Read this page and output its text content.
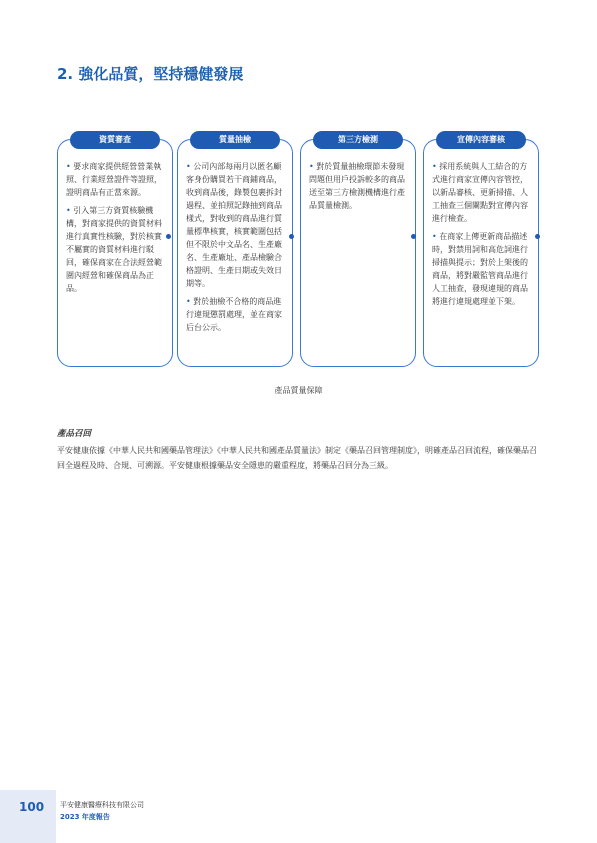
2. 強化品質，堅持穩健發展
資質審查

• 要求商家提供經營營業執照、行業經營證件等證照，證明商品有正當來源。

• 引入第三方資質核驗機構，對商家提供的資質材料進行真實性核驗，對於核實不屬實的資質材料進行駁回，確保商家在合法經營範圍內經營和確保商品為正品。

質量抽檢

• 公司內部每兩月以匿名顧客身份購買若干商鋪商品，收到商品後，錄製包裹拆封過程、並拍照記錄抽到商品樣式，對收到的商品進行質量標準核實，核實範圍包括但不限於中文品名、生產廠名、生產廠址、產品檢驗合格證明、生產日期或失效日期等。

• 對於抽檢不合格的商品進行違規懲罰處理，並在商家后台公示。

第三方檢測

• 對於質量抽檢環節未發現問題但用戶投訴較多的商品送至第三方檢測機構進行產品質量檢測。

宣傳內容審核

• 採用系統與人工結合的方式進行商家宣傳內容管控，以新品審核、更新掃描、人工抽查三個闌點對宣傳內容進行檢查。

• 在商家上傳更新商品描述時，對禁用詞和高危詞進行掃描與提示；對於上架後的商品，將對嚴監管商品進行人工抽查，發現違規的商品將進行違規處理並下架。

產品質量保障
產品召回

平安健康依據《中華人民共和國藥品管理法》《中華人民共和國產品質量法》制定《藥品召回管理制度》，明確產品召回流程，確保藥品召回全過程及時、合規、可溯源。平安健康根據藥品安全隱患的嚴重程度，將藥品召回分為三級。

100 平安健康醫療科技有限公司
2023 年度報告
